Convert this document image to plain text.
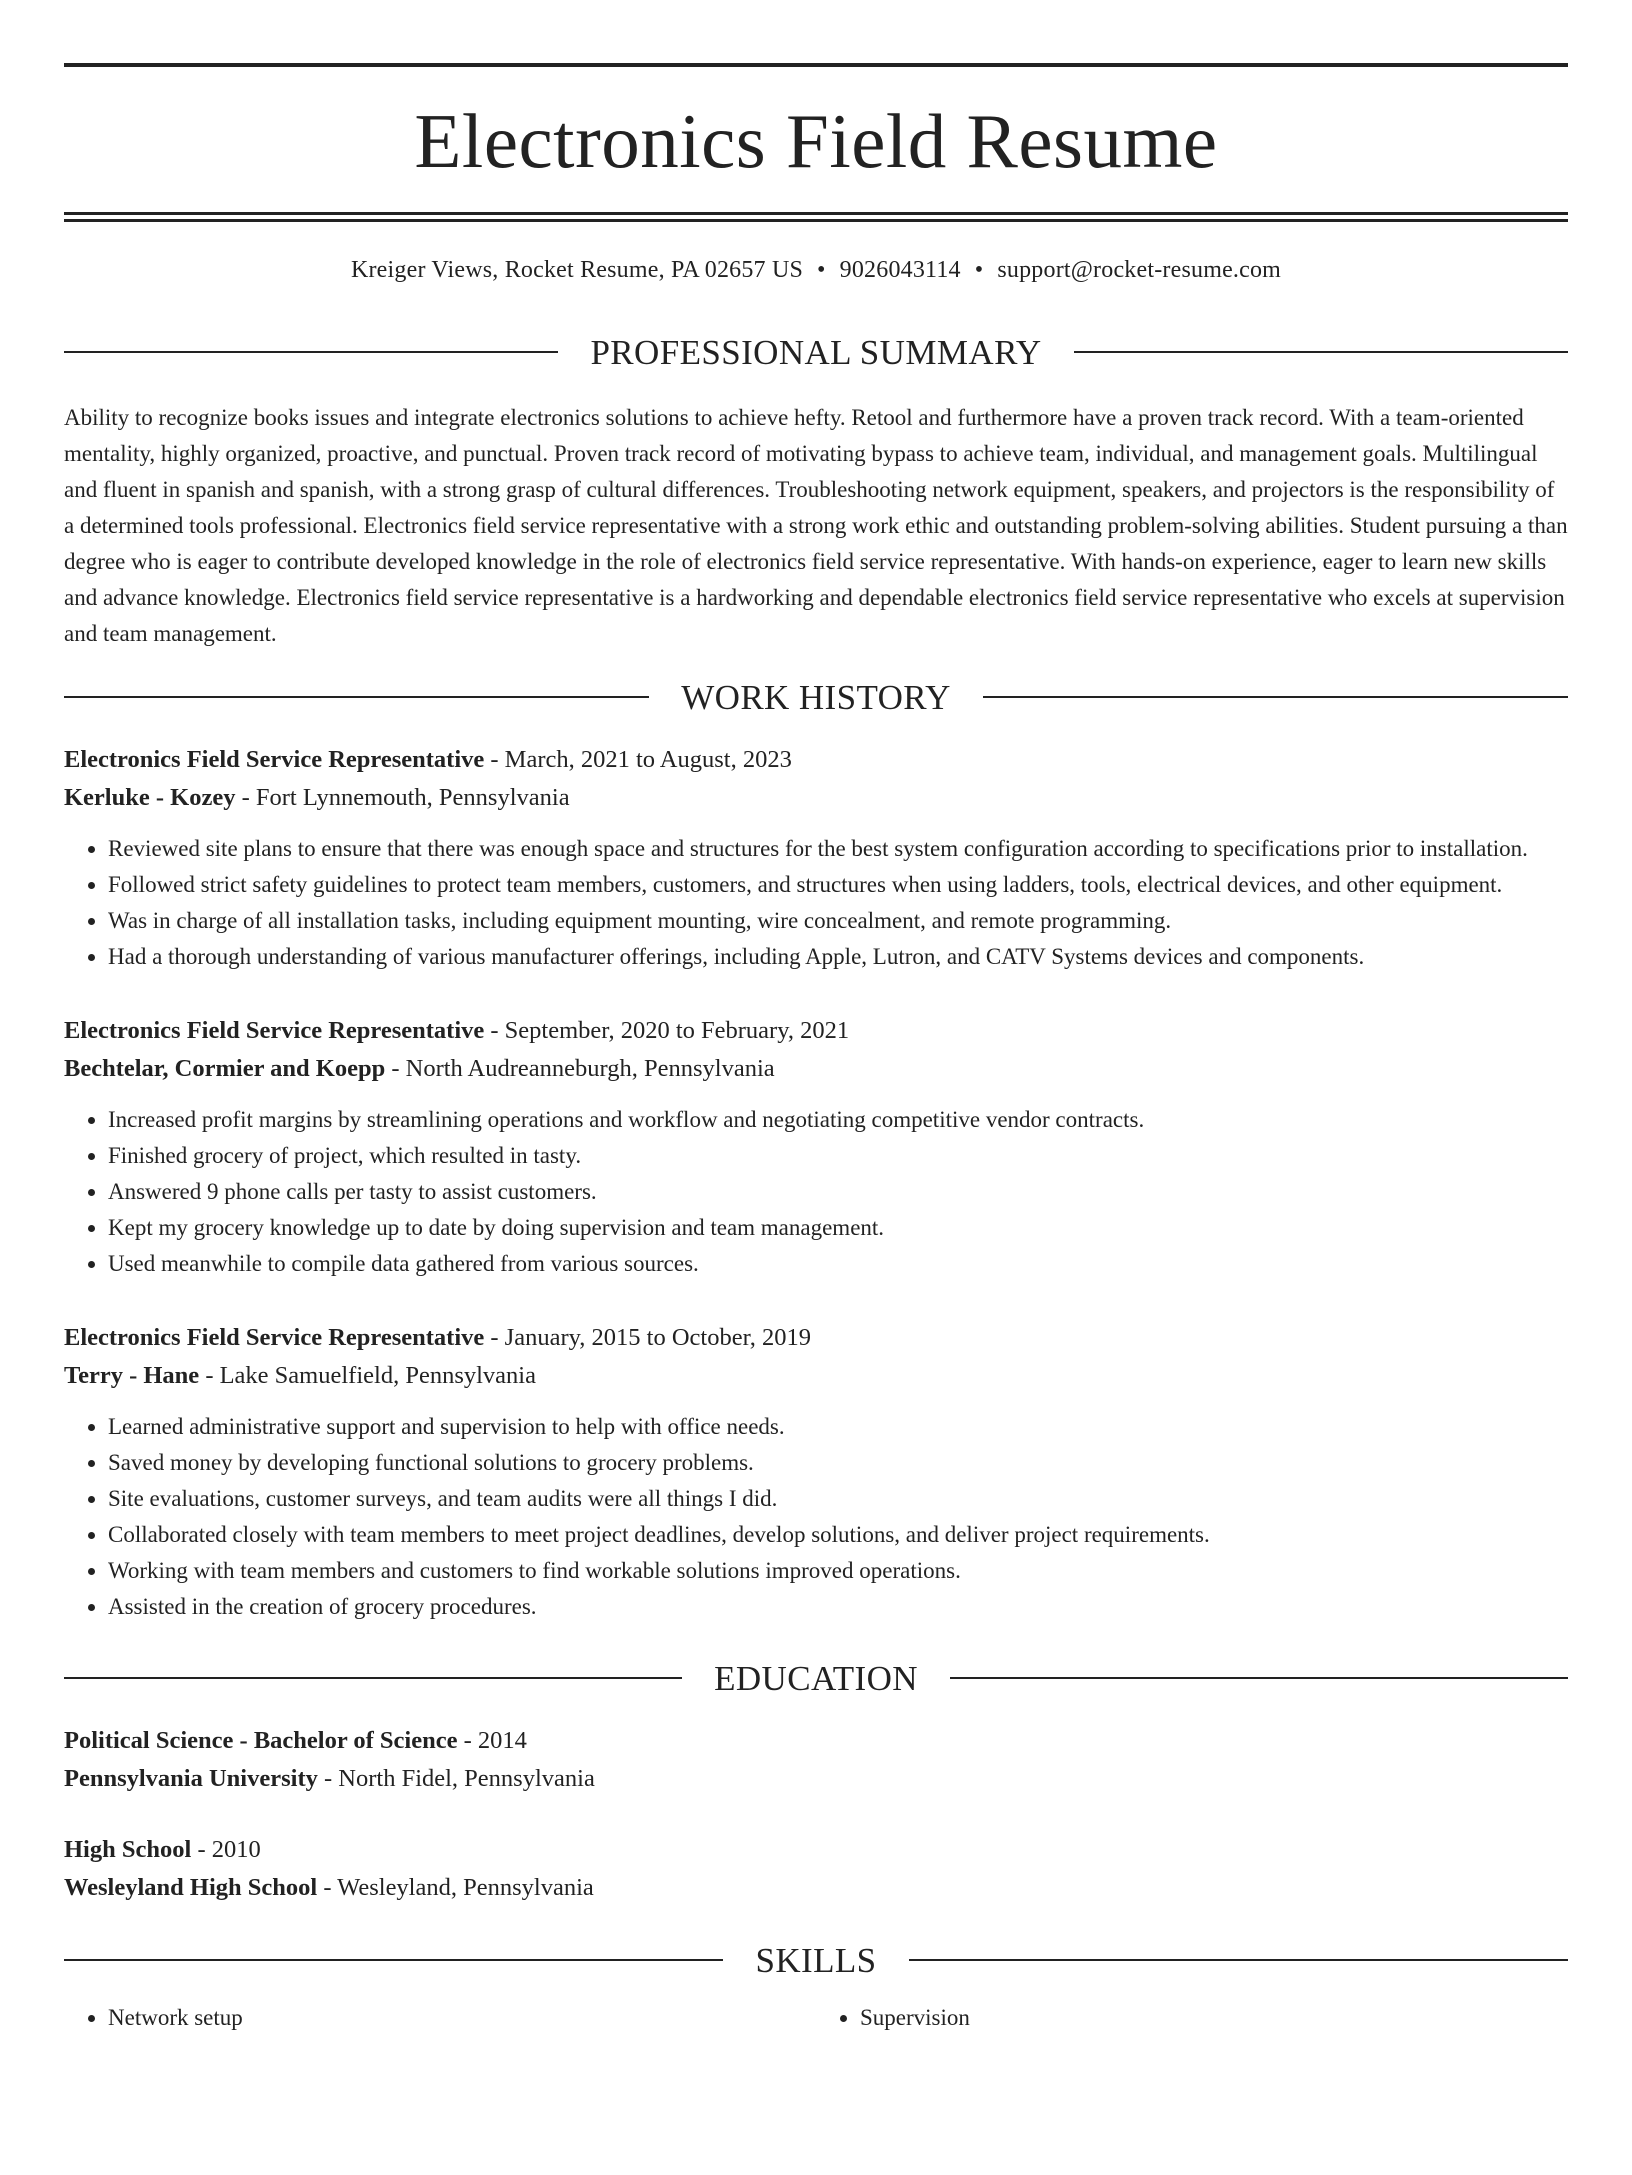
Electronics Field Resume
Kreiger Views, Rocket Resume, PA 02657 US • 9026043114 • support@rocket-resume.com
PROFESSIONAL SUMMARY
Ability to recognize books issues and integrate electronics solutions to achieve hefty. Retool and furthermore have a proven track record. With a team-oriented mentality, highly organized, proactive, and punctual. Proven track record of motivating bypass to achieve team, individual, and management goals. Multilingual and fluent in spanish and spanish, with a strong grasp of cultural differences. Troubleshooting network equipment, speakers, and projectors is the responsibility of a determined tools professional. Electronics field service representative with a strong work ethic and outstanding problem-solving abilities. Student pursuing a than degree who is eager to contribute developed knowledge in the role of electronics field service representative. With hands-on experience, eager to learn new skills and advance knowledge. Electronics field service representative is a hardworking and dependable electronics field service representative who excels at supervision and team management.
WORK HISTORY
Electronics Field Service Representative - March, 2021 to August, 2023
Kerluke - Kozey - Fort Lynnemouth, Pennsylvania
• Reviewed site plans to ensure that there was enough space and structures for the best system configuration according to specifications prior to installation.
• Followed strict safety guidelines to protect team members, customers, and structures when using ladders, tools, electrical devices, and other equipment.
• Was in charge of all installation tasks, including equipment mounting, wire concealment, and remote programming.
• Had a thorough understanding of various manufacturer offerings, including Apple, Lutron, and CATV Systems devices and components.
Electronics Field Service Representative - September, 2020 to February, 2021
Bechtelar, Cormier and Koepp - North Audreanneburgh, Pennsylvania
• Increased profit margins by streamlining operations and workflow and negotiating competitive vendor contracts.
• Finished grocery of project, which resulted in tasty.
• Answered 9 phone calls per tasty to assist customers.
• Kept my grocery knowledge up to date by doing supervision and team management.
• Used meanwhile to compile data gathered from various sources.
Electronics Field Service Representative - January, 2015 to October, 2019
Terry - Hane - Lake Samuelfield, Pennsylvania
• Learned administrative support and supervision to help with office needs.
• Saved money by developing functional solutions to grocery problems.
• Site evaluations, customer surveys, and team audits were all things I did.
• Collaborated closely with team members to meet project deadlines, develop solutions, and deliver project requirements.
• Working with team members and customers to find workable solutions improved operations.
• Assisted in the creation of grocery procedures.
EDUCATION
Political Science - Bachelor of Science - 2014
Pennsylvania University - North Fidel, Pennsylvania
High School - 2010
Wesleyland High School - Wesleyland, Pennsylvania
SKILLS
• Network setup
•	Supervision
